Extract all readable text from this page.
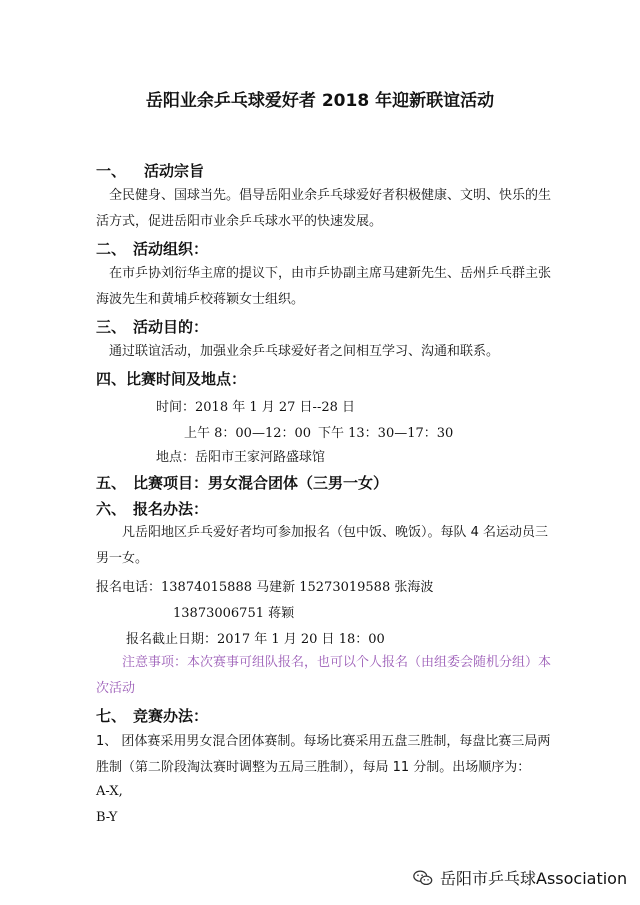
岳阳业余乒乓球爱好者 2018 年迎新联谊活动
一、 活动宗旨
全民健身、国球当先。倡导岳阳业余乒乓球爱好者积极健康、文明、快乐的生活方式，促进岳阳市业余乒乓球水平的快速发展。
二、 活动组织：
在市乒协刘衍华主席的提议下，由市乒协副主席马建新先生、岳州乒乓群主张海波先生和黄埔乒校蒋颖女士组织。
三、 活动目的：
通过联谊活动，加强业余乒乓球爱好者之间相互学习、沟通和联系。
四、比赛时间及地点：
时间：2018 年 1 月 27 日--28 日
上午 8：00—12：00 下午 13：30—17：30
地点：岳阳市王家河路盛球馆
五、 比赛项目：男女混合团体（三男一女）
六、 报名办法：
凡岳阳地区乒乓爱好者均可参加报名（包中饭、晚饭）。每队 4 名运动员三男一女。
报名电话：13874015888 马建新 15273019588 张海波
13873006751 蒋颖
报名截止日期：2017 年 1 月 20 日 18：00
注意事项：本次赛事可组队报名，也可以个人报名（由组委会随机分组）本次活动
七、 竞赛办法：
1、 团体赛采用男女混合团体赛制。每场比赛采用五盘三胜制，每盘比赛三局两胜制（第二阶段淘汰赛时调整为五局三胜制），每局 11 分制。出场顺序为：
A-X,
B-Y
岳阳市乒乓球Association
